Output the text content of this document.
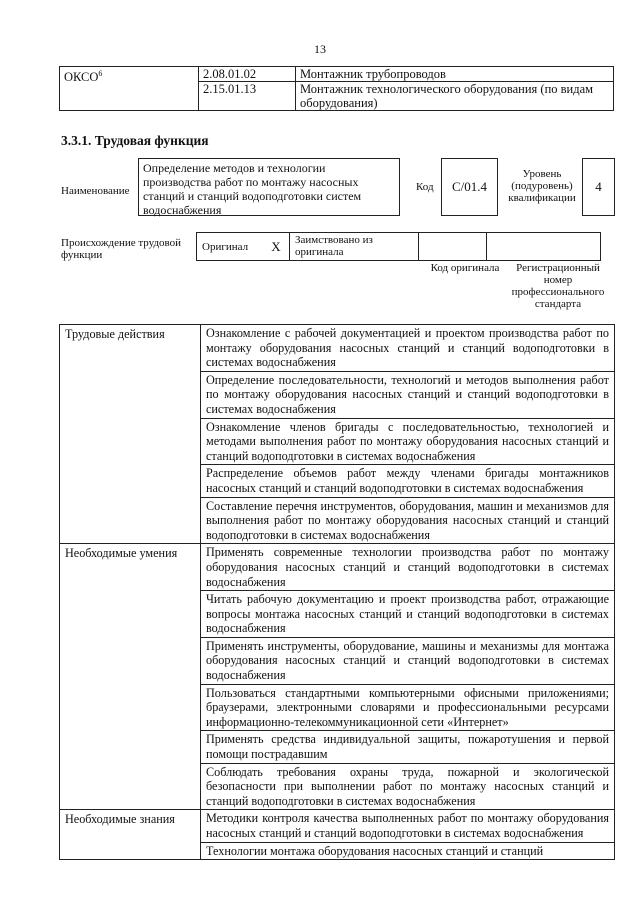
13
ОКСО$^6$	2.08.01.02	Монтажник трубопроводов
	2.15.01.13	Монтажник технологического оборудования (по видам оборудования)
3.3.1. Трудовая функция
Наименование
Определение методов и технологии производства работ по монтажу насосных станций и станций водоподготовки систем водоснабжения
Код	С/01.4
Уровень (подуровень) квалификации
4
Происхождение трудовой функции
Оригинал	Х	Заимствовано из оригинала		
Код оригинала	Регистрационный номер профессионального стандарта
Трудовые действия	Ознакомление с рабочей документацией и проектом производства работ по монтажу оборудования насосных станций и станций водоподготовки в системах водоснабжения
	Определение последовательности, технологий и методов выполнения работ по монтажу оборудования насосных станций и станций водоподготовки в системах водоснабжения
	Ознакомление членов бригады с последовательностью, технологией и методами выполнения работ по монтажу оборудования насосных станций и станций водоподготовки в системах водоснабжения
	Распределение объемов работ между членами бригады монтажников насосных станций и станций водоподготовки в системах водоснабжения
	Составление перечня инструментов, оборудования, машин и механизмов для выполнения работ по монтажу оборудования насосных станций и станций водоподготовки в системах водоснабжения
Необходимые умения	Применять современные технологии производства работ по монтажу оборудования насосных станций и станций водоподготовки в системах водоснабжения
	Читать рабочую документацию и проект производства работ, отражающие вопросы монтажа насосных станций и станций водоподготовки в системах водоснабжения
	Применять инструменты, оборудование, машины и механизмы для монтажа оборудования насосных станций и станций водоподготовки в системах водоснабжения
	Пользоваться стандартными компьютерными офисными приложениями; браузерами, электронными словарями и профессиональными ресурсами информационно-телекоммуникационной сети «Интернет»
	Применять средства индивидуальной защиты, пожаротушения и первой помощи пострадавшим
	Соблюдать требования охраны труда, пожарной и экологической безопасности при выполнении работ по монтажу насосных станций и станций водоподготовки в системах водоснабжения
Необходимые знания	Методики контроля качества выполненных работ по монтажу оборудования насосных станций и станций водоподготовки в системах водоснабжения
	Технологии монтажа оборудования насосных станций и станций
